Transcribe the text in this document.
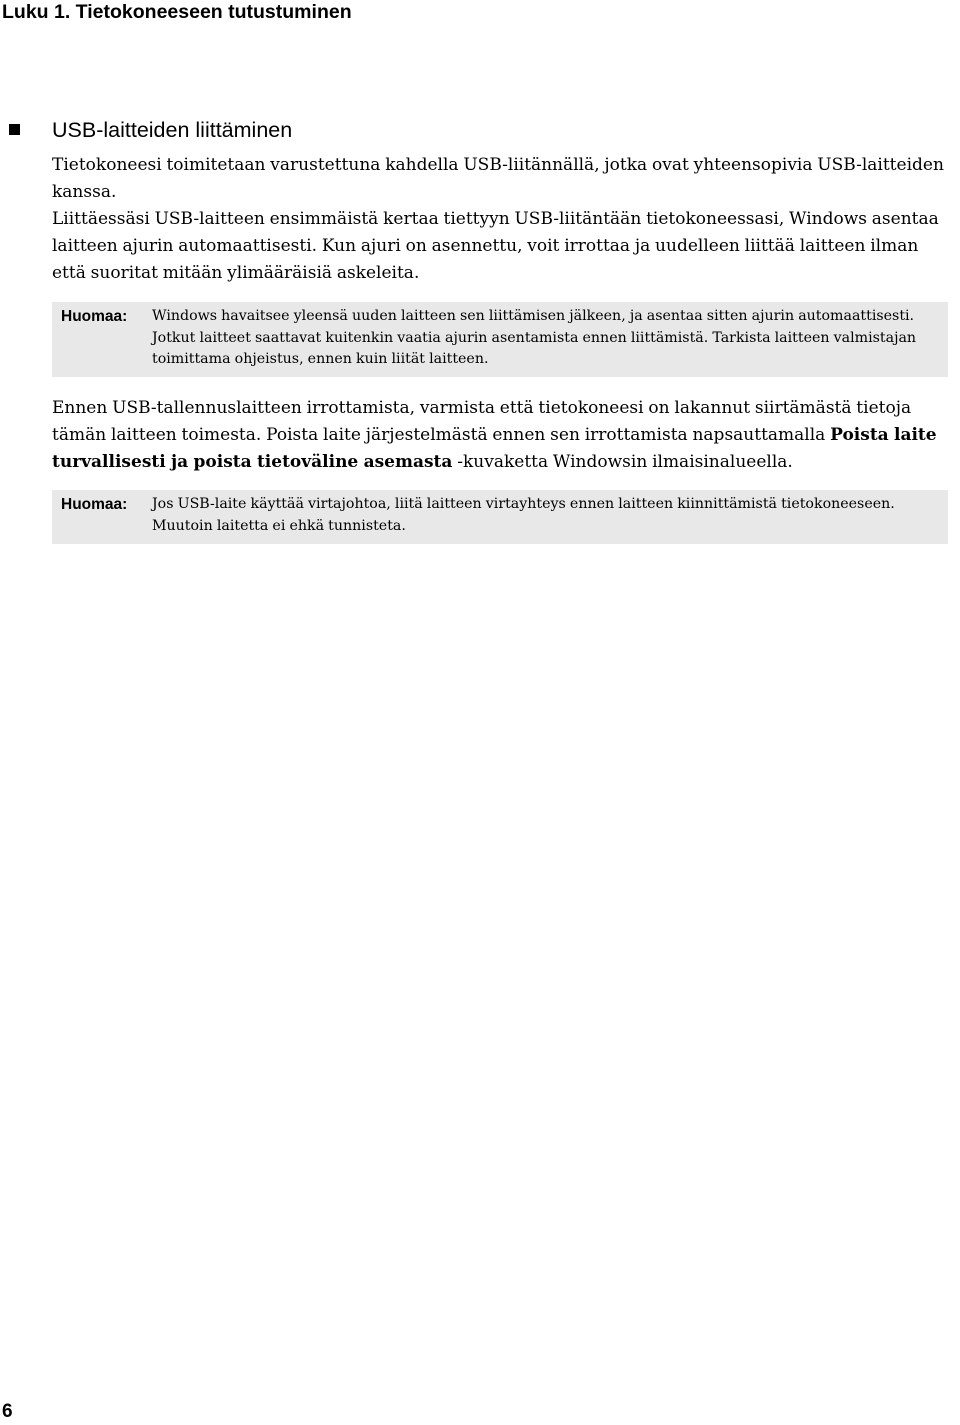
Luku 1. Tietokoneeseen tutustuminen
USB-laitteiden liittäminen

Tietokoneesi toimitetaan varustettuna kahdella USB-liitännällä, jotka ovat yhteensopivia USB-laitteiden kanssa.

Liittäessäsi USB-laitteen ensimmäistä kertaa tiettyyn USB-liitäntään tietokoneessasi, Windows asentaa laitteen ajurin automaattisesti. Kun ajuri on asennettu, voit irrottaa ja uudelleen liittää laitteen ilman että suoritat mitään ylimääräisiä askeleita.

Huomaa: Windows havaitsee yleensä uuden laitteen sen liittämisen jälkeen, ja asentaa sitten ajurin automaattisesti. Jotkut laitteet saattavat kuitenkin vaatia ajurin asentamista ennen liittämistä. Tarkista laitteen valmistajan toimittama ohjeistus, ennen kuin liität laitteen.

Ennen USB-tallennuslaitteen irrottamista, varmista että tietokoneesi on lakannut siirtämästä tietoja tämän laitteen toimesta. Poista laite järjestelmästä ennen sen irrottamista napsauttamalla Poista laite turvallisesti ja poista tietoväline asemasta -kuvaketta Windowsin ilmaisinalueella.

Huomaa: Jos USB-laite käyttää virtajohtoa, liitä laitteen virtayhteys ennen laitteen kiinnittämistä tietokoneeseen. Muutoin laitetta ei ehkä tunnisteta.
6
